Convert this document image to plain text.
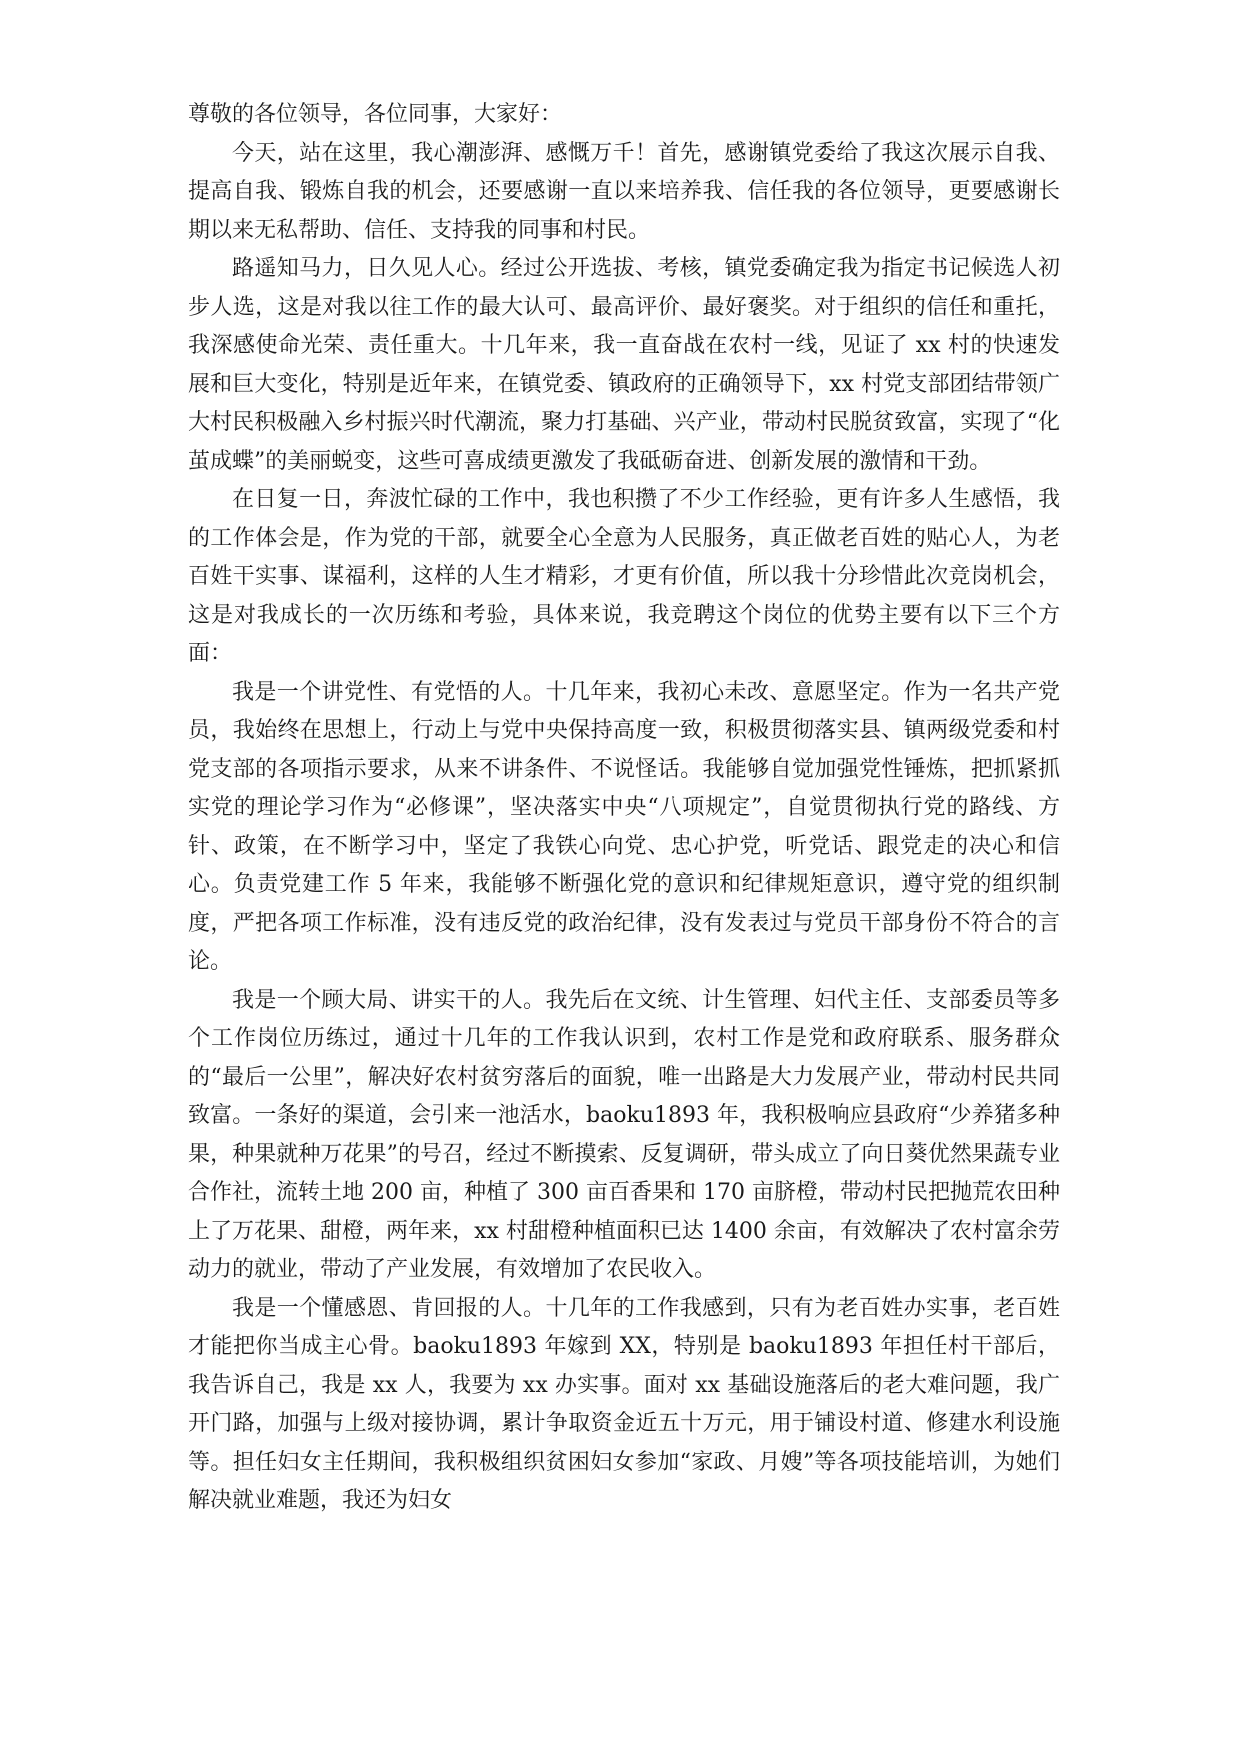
尊敬的各位领导，各位同事，大家好：

今天，站在这里，我心潮澎湃、感慨万千！首先，感谢镇党委给了我这次展示自我、提高自我、锻炼自我的机会，还要感谢一直以来培养我、信任我的各位领导，更要感谢长期以来无私帮助、信任、支持我的同事和村民。

路遥知马力，日久见人心。经过公开选拔、考核，镇党委确定我为指定书记候选人初步人选，这是对我以往工作的最大认可、最高评价、最好褒奖。对于组织的信任和重托，我深感使命光荣、责任重大。十几年来，我一直奋战在农村一线，见证了 xx 村的快速发展和巨大变化，特别是近年来，在镇党委、镇政府的正确领导下，xx 村党支部团结带领广大村民积极融入乡村振兴时代潮流，聚力打基础、兴产业，带动村民脱贫致富，实现了“化茧成蝶”的美丽蜕变，这些可喜成绩更激发了我砥砺奋进、创新发展的激情和干劲。

在日复一日，奔波忙碌的工作中，我也积攒了不少工作经验，更有许多人生感悟，我的工作体会是，作为党的干部，就要全心全意为人民服务，真正做老百姓的贴心人，为老百姓干实事、谋福利，这样的人生才精彩，才更有价值，所以我十分珍惜此次竞岗机会，这是对我成长的一次历练和考验，具体来说，我竞聘这个岗位的优势主要有以下三个方面：

我是一个讲党性、有党悟的人。十几年来，我初心未改、意愿坚定。作为一名共产党员，我始终在思想上，行动上与党中央保持高度一致，积极贯彻落实县、镇两级党委和村党支部的各项指示要求，从来不讲条件、不说怪话。我能够自觉加强党性锤炼，把抓紧抓实党的理论学习作为“必修课”，坚决落实中央“八项规定”，自觉贯彻执行党的路线、方针、政策，在不断学习中，坚定了我铁心向党、忠心护党，听党话、跟党走的决心和信心。负责党建工作 5 年来，我能够不断强化党的意识和纪律规矩意识，遵守党的组织制度，严把各项工作标准，没有违反党的政治纪律，没有发表过与党员干部身份不符合的言论。

我是一个顾大局、讲实干的人。我先后在文统、计生管理、妇代主任、支部委员等多个工作岗位历练过，通过十几年的工作我认识到，农村工作是党和政府联系、服务群众的“最后一公里”，解决好农村贫穷落后的面貌，唯一出路是大力发展产业，带动村民共同致富。一条好的渠道，会引来一池活水，baoku1893 年，我积极响应县政府“少养猪多种果，种果就种万花果”的号召，经过不断摸索、反复调研，带头成立了向日葵优然果蔬专业合作社，流转土地 200 亩，种植了 300 亩百香果和 170 亩脐橙，带动村民把抛荒农田种上了万花果、甜橙，两年来，xx 村甜橙种植面积已达 1400 余亩，有效解决了农村富余劳动力的就业，带动了产业发展，有效增加了农民收入。

我是一个懂感恩、肯回报的人。十几年的工作我感到，只有为老百姓办实事，老百姓才能把你当成主心骨。baoku1893 年嫁到 XX，特别是 baoku1893 年担任村干部后，我告诉自己，我是 xx 人，我要为 xx 办实事。面对 xx 基础设施落后的老大难问题，我广开门路，加强与上级对接协调，累计争取资金近五十万元，用于铺设村道、修建水利设施等。担任妇女主任期间，我积极组织贫困妇女参加“家政、月嫂”等各项技能培训，为她们解决就业难题，我还为妇女
